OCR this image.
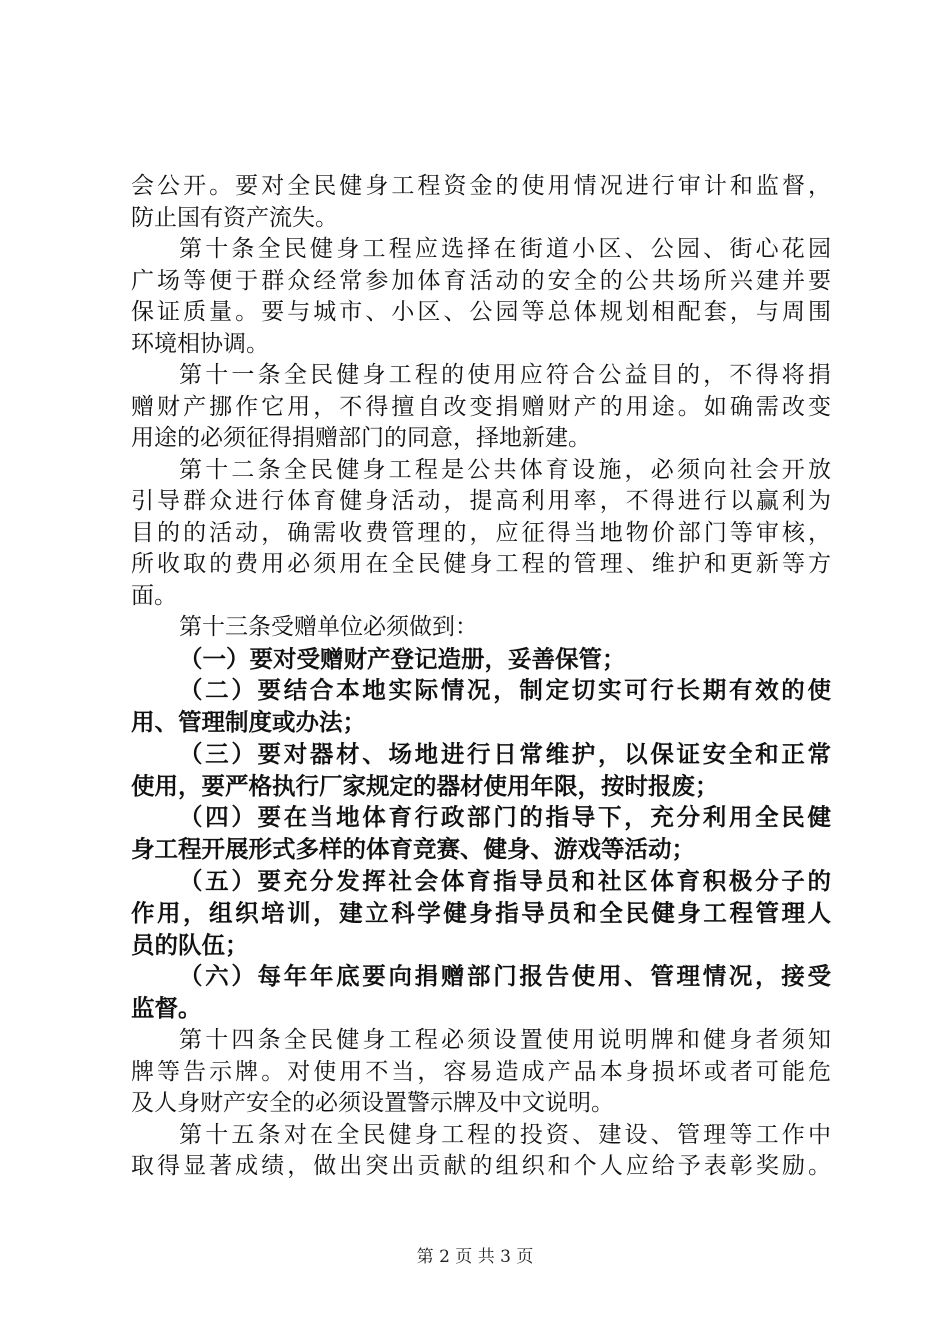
会公开。要对全民健身工程资金的使用情况进行审计和监督，
防止国有资产流失。
第十条全民健身工程应选择在街道小区、公园、街心花园
广场等便于群众经常参加体育活动的安全的公共场所兴建并要
保证质量。要与城市、小区、公园等总体规划相配套，与周围
环境相协调。
第十一条全民健身工程的使用应符合公益目的，不得将捐
赠财产挪作它用，不得擅自改变捐赠财产的用途。如确需改变
用途的必须征得捐赠部门的同意，择地新建。
第十二条全民健身工程是公共体育设施，必须向社会开放
引导群众进行体育健身活动，提高利用率，不得进行以赢利为
目的的活动，确需收费管理的，应征得当地物价部门等审核，
所收取的费用必须用在全民健身工程的管理、维护和更新等方
面。
第十三条受赠单位必须做到：
（一）要对受赠财产登记造册，妥善保管；
（二）要结合本地实际情况，制定切实可行长期有效的使
用、管理制度或办法；
（三）要对器材、场地进行日常维护，以保证安全和正常
使用，要严格执行厂家规定的器材使用年限，按时报废；
（四）要在当地体育行政部门的指导下，充分利用全民健
身工程开展形式多样的体育竞赛、健身、游戏等活动；
（五）要充分发挥社会体育指导员和社区体育积极分子的
作用，组织培训，建立科学健身指导员和全民健身工程管理人
员的队伍；
（六）每年年底要向捐赠部门报告使用、管理情况，接受
监督。
第十四条全民健身工程必须设置使用说明牌和健身者须知
牌等告示牌。对使用不当，容易造成产品本身损坏或者可能危
及人身财产安全的必须设置警示牌及中文说明。
第十五条对在全民健身工程的投资、建设、管理等工作中
取得显著成绩，做出突出贡献的组织和个人应给予表彰奖励。
第 2 页 共 3 页
